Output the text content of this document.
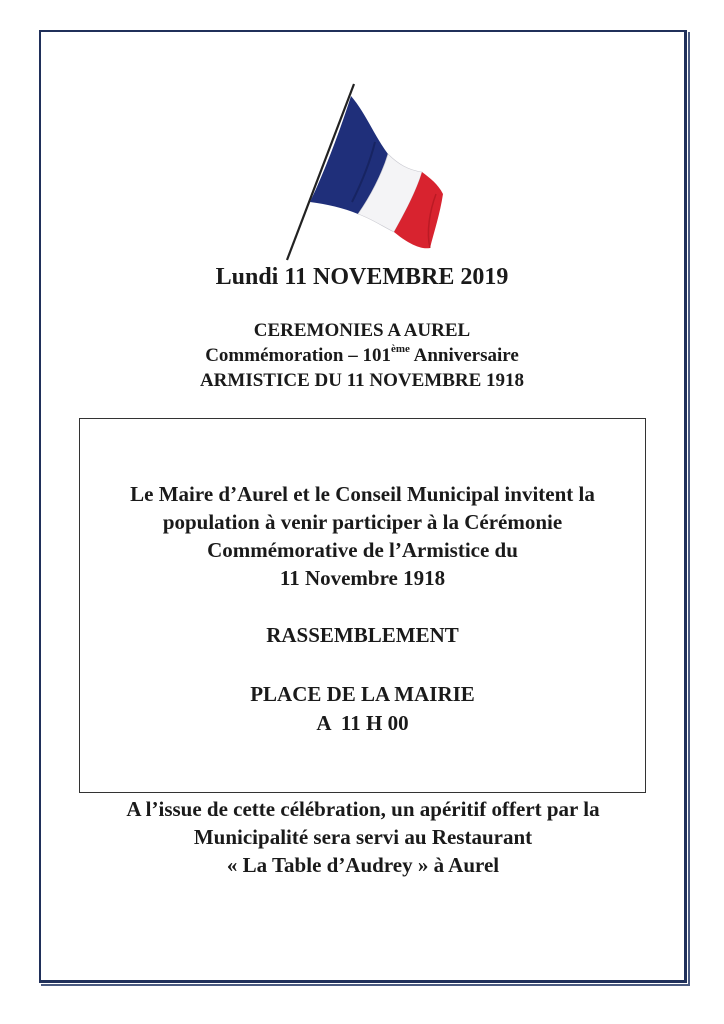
Lundi 11 NOVEMBRE 2019
CEREMONIES A AUREL
Commémoration – 101ème Anniversaire
ARMISTICE DU 11 NOVEMBRE 1918
Le Maire d’Aurel et le Conseil Municipal invitent la
population à venir participer à la Cérémonie
Commémorative de l’Armistice du
11 Novembre 1918
RASSEMBLEMENT
PLACE DE LA MAIRIE
A  11 H 00
A l’issue de cette célébration, un apéritif offert par la
Municipalité sera servi au Restaurant
« La Table d’Audrey » à Aurel
